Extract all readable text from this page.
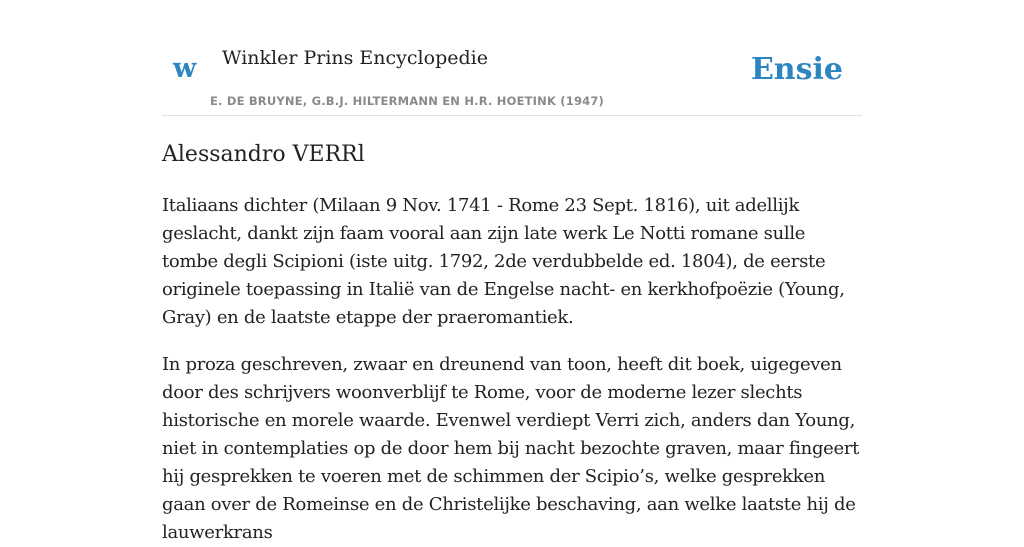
w Winkler Prins Encyclopedie
E. DE BRUYNE, G.B.J. HILTERMANN EN H.R. HOETINK (1947)
Ensie
Alessandro VERRl

Italiaans dichter (Milaan 9 Nov. 1741 - Rome 23 Sept. 1816), uit adellijk geslacht, dankt zijn faam vooral aan zijn late werk Le Notti romane sulle tombe degli Scipioni (iste uitg. 1792, 2de verdubbelde ed. 1804), de eerste originele toepassing in Italië van de Engelse nacht- en kerkhofpoëzie (Young, Gray) en de laatste etappe der praeromantiek.

In proza geschreven, zwaar en dreunend van toon, heeft dit boek, uigegeven door des schrijvers woonverblijf te Rome, voor de moderne lezer slechts historische en morele waarde. Evenwel verdiept Verri zich, anders dan Young, niet in contemplaties op de door hem bij nacht bezochte graven, maar fingeert hij gesprekken te voeren met de schimmen der Scipio’s, welke gesprekken gaan over de Romeinse en de Christelijke beschaving, aan welke laatste hij de lauwerkrans
